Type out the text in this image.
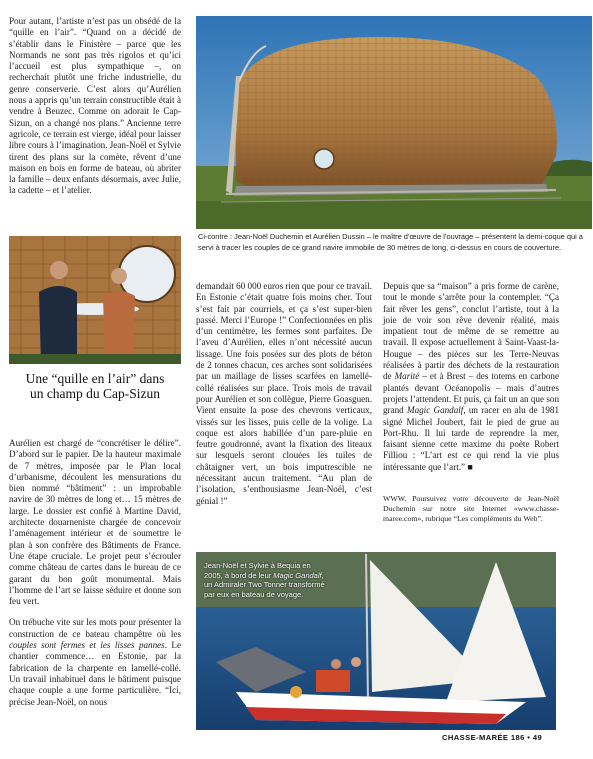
Pour autant, l’artiste n’est pas un obsédé de la “quille en l’air”. “Quand on a décidé de s’établir dans le Finistère – parce que les Normands ne sont pas très rigolos et qu’ici l’accueil est plus sympathique –, on recherchait plutôt une friche industrielle, du genre conserverie. C’est alors qu’Aurélien nous a appris qu’un terrain constructible était à vendre à Beuzec. Comme on adorait le Cap-Sizun, on a changé nos plans.” Ancienne terre agricole, ce terrain est vierge, idéal pour laisser libre cours à l’imagination. Jean-Noël et Sylvie tirent des plans sur la comète, rêvent d’une maison en bois en forme de bateau, où abriter la famille – deux enfants désormais, avec Julie, la cadette – et l’atelier.

Ci-contre : Jean-Noël Duchemin et Aurélien Dussin – le maître d’œuvre de l’ouvrage – présentent la demi-coque qui a servi à tracer les couples de ce grand navire immobile de 30 mètres de long, ci-dessus en cours de couverture.
Une “quille en l’air” dans un champ du Cap-Sizun

Aurélien est chargé de “concrétiser le délire”. D’abord sur le papier. De la hauteur maximale de 7 mètres, imposée par le Plan local d’urbanisme, découlent les mensurations du bien nommé “bâtiment” : un improbable navire de 30 mètres de long et… 15 mètres de large. Le dossier est confié à Martine David, architecte douarneniste chargée de concevoir l’aménagement intérieur et de soumettre le plan à son confrère des Bâtiments de France. Une étape cruciale. Le projet peut s’écrouler comme château de cartes dans le bureau de ce garant du bon goût monumental. Mais l’homme de l’art se laisse séduire et donne son feu vert.

On trébuche vite sur les mots pour présenter la construction de ce bateau champêtre où les couples sont fermes et les lisses pannes. Le chantier commence… en Estonie, par la fabrication de la charpente en lamellé-collé. Un travail inhabituel dans le bâtiment puisque chaque couple a une forme particulière. “Ici, précise Jean-Noël, on nous

demandait 60 000 euros rien que pour ce travail. En Estonie c’était quatre fois moins cher. Tout s’est fait par courriels, et ça s’est super-bien passé. Merci l’Europe !” Confectionnées en plis d’un centimètre, les fermes sont parfaites. De l’aveu d’Aurélien, elles n’ont nécessité aucun lissage. Une fois posées sur des plots de béton de 2 tonnes chacun, ces arches sont solidarisées par un maillage de lisses scarfées en lamellé-collé réalisées sur place. Trois mois de travail pour Aurélien et son collègue, Pierre Goasguen. Vient ensuite la pose des chevrons verticaux, vissés sur les lisses, puis celle de la volige. La coque est alors habillée d’un pare-pluie en feutre goudronné, avant la fixation des liteaux sur lesquels seront clouées les tuiles de châtaigner vert, un bois imputrescible ne nécessitant aucun traitement. “Au plan de l’isolation, s’enthousiasme Jean-Noël, c’est génial !”

Depuis que sa “maison” a pris forme de carène, tout le monde s’arrête pour la contempler. “Ça fait rêver les gens”, conclut l’artiste, tout à la joie de voir son rêve devenir réalité, mais impatient tout de même de se remettre au travail. Il expose actuellement à Saint-Vaast-la-Hougue – des pièces sur les Terre-Neuvas réalisées à partir des déchets de la restauration de Marité – et à Brest – des totems en carbone plantés devant Océanopolis – mais d’autres projets l’attendent. Et puis, ça fait un an que son grand Magic Gandalf, un racer en alu de 1981 signé Michel Joubert, fait le pied de grue au Port-Rhu. Il lui tarde de reprendre la mer, faisant sienne cette maxime du poète Robert Filliou : “L’art est ce qui rend la vie plus intéressante que l’art.” ■

WWW. Poursuivez votre découverte de Jean-Noël Duchemin sur notre site Internet «www.chasse-maree.com», rubrique “Les compléments du Web”.
Jean-Noël et Sylvie à Bequia en 2005, à bord de leur Magic Gandalf, un Admiraler Two Tonner transformé par eux en bateau de voyage.
CHASSE-MARÉE 186 • 49
